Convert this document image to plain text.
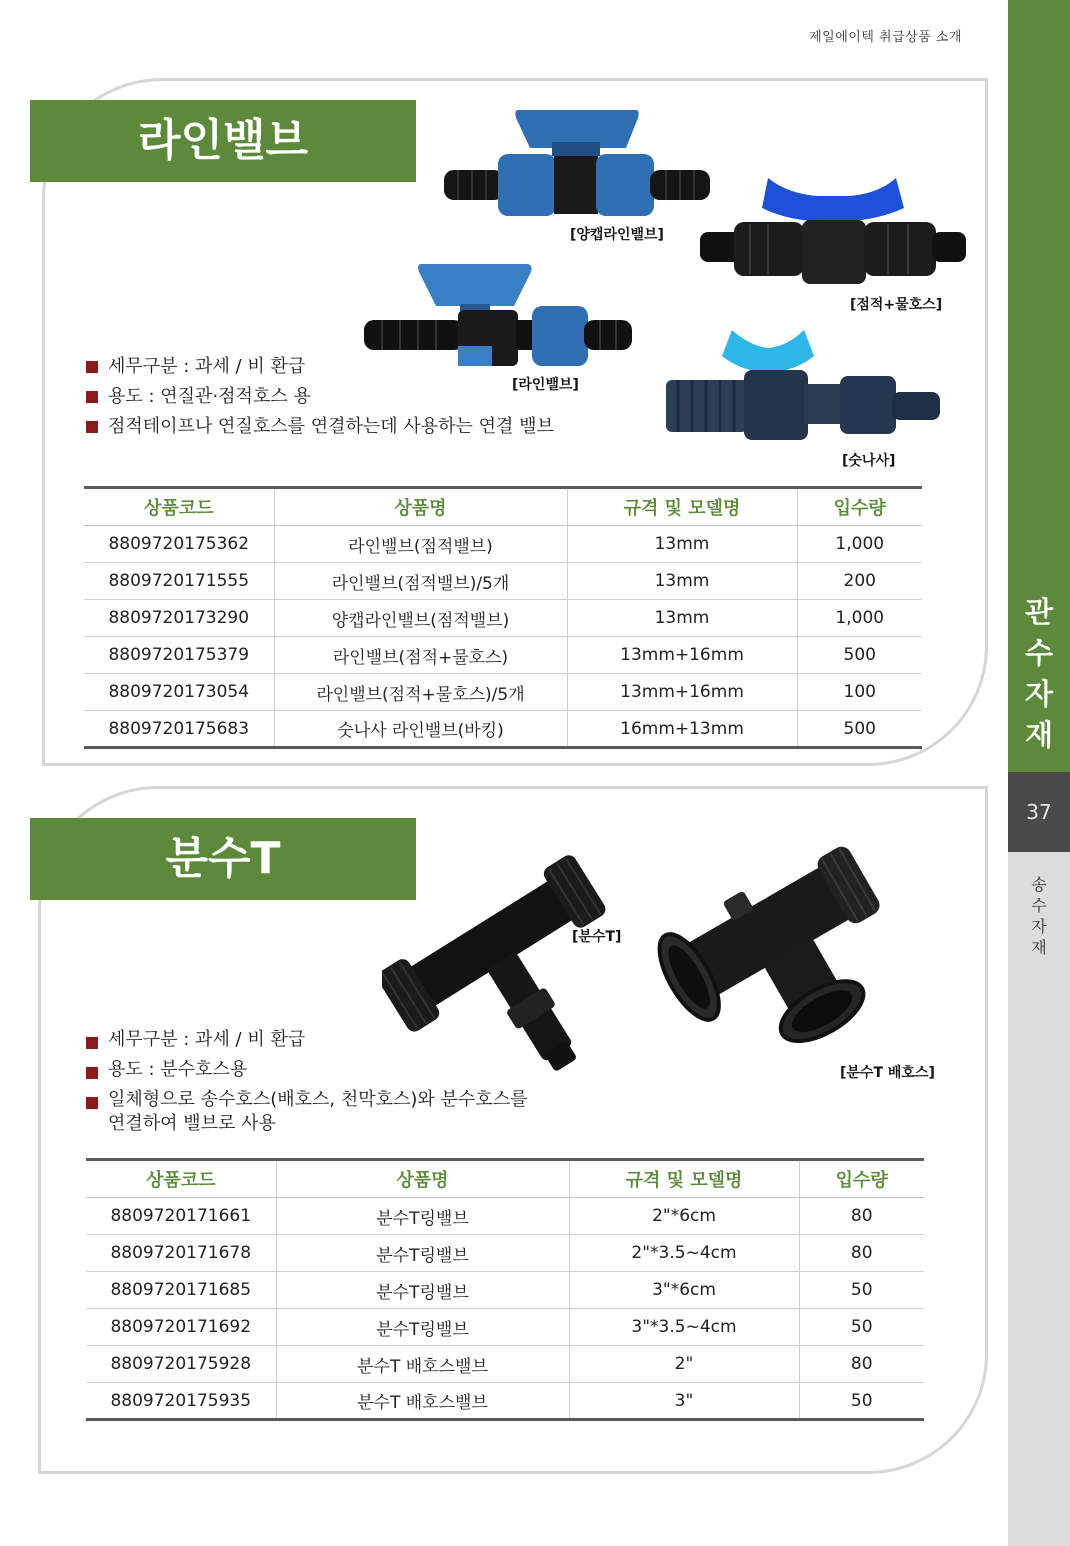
제일에이텍 취급상품 소개
관
수
자
재
37
송
수
자
재
라인밸브
[양캡라인밸브]
[점적+물호스]
[라인밸브]
[숫나사]
세무구분 : 과세 / 비 환급
용도 : 연질관·점적호스 용
점적테이프나 연질호스를 연결하는데 사용하는 연결 밸브
상품코드	상품명	규격 및 모델명	입수량
8809720175362	라인밸브(점적밸브)	13mm	1,000
8809720171555	라인밸브(점적밸브)/5개	13mm	200
8809720173290	양캡라인밸브(점적밸브)	13mm	1,000
8809720175379	라인밸브(점적+물호스)	13mm+16mm	500
8809720173054	라인밸브(점적+물호스)/5개	13mm+16mm	100
8809720175683	숫나사 라인밸브(바킹)	16mm+13mm	500
분수T
[분수T]
[분수T 배호스]
세무구분 : 과세 / 비 환급
용도 : 분수호스용
일체형으로 송수호스(배호스, 천막호스)와 분수호스를
연결하여 밸브로 사용
상품코드	상품명	규격 및 모델명	입수량
8809720171661	분수T링밸브	2"*6cm	80
8809720171678	분수T링밸브	2"*3.5~4cm	80
8809720171685	분수T링밸브	3"*6cm	50
8809720171692	분수T링밸브	3"*3.5~4cm	50
8809720175928	분수T 배호스밸브	2"	80
8809720175935	분수T 배호스밸브	3"	50
